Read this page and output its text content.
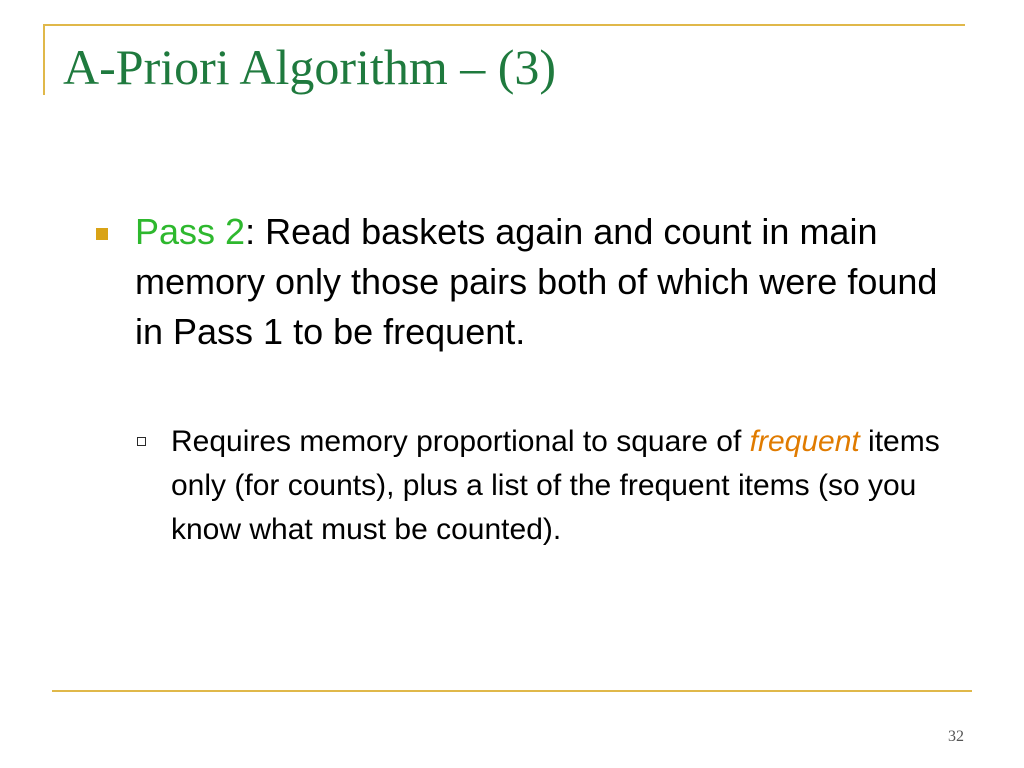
A-Priori Algorithm – (3)

Pass 2: Read baskets again and count in main memory only those pairs both of which were found in Pass 1 to be frequent.

Requires memory proportional to square of frequent items only (for counts), plus a list of the frequent items (so you know what must be counted).

32
